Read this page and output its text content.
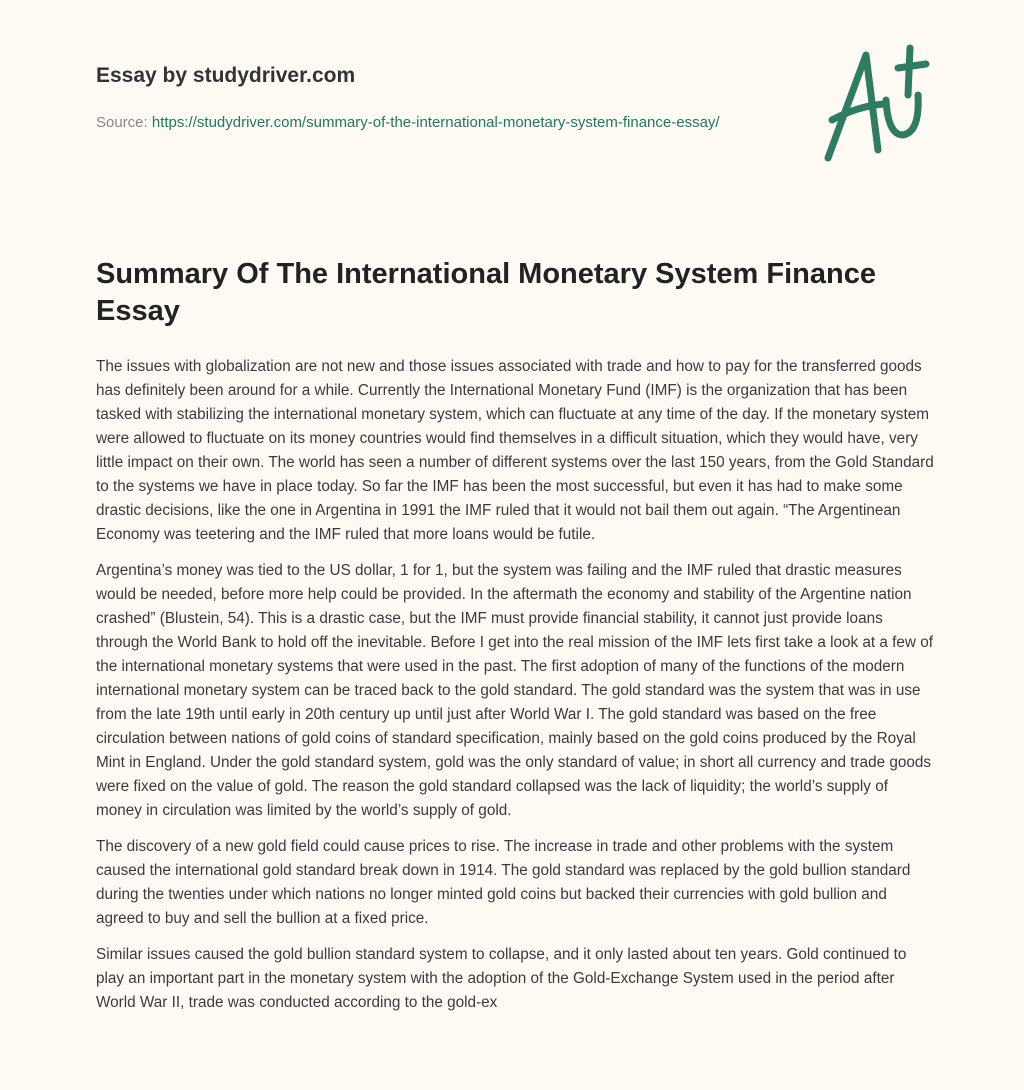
Essay by studydriver.com
Source: https://studydriver.com/summary-of-the-international-monetary-system-finance-essay/
Summary Of The International Monetary System Finance Essay

The issues with globalization are not new and those issues associated with trade and how to pay for the transferred goods has definitely been around for a while. Currently the International Monetary Fund (IMF) is the organization that has been tasked with stabilizing the international monetary system, which can fluctuate at any time of the day. If the monetary system were allowed to fluctuate on its money countries would find themselves in a difficult situation, which they would have, very little impact on their own. The world has seen a number of different systems over the last 150 years, from the Gold Standard to the systems we have in place today. So far the IMF has been the most successful, but even it has had to make some drastic decisions, like the one in Argentina in 1991 the IMF ruled that it would not bail them out again. “The Argentinean Economy was teetering and the IMF ruled that more loans would be futile.

Argentina’s money was tied to the US dollar, 1 for 1, but the system was failing and the IMF ruled that drastic measures would be needed, before more help could be provided. In the aftermath the economy and stability of the Argentine nation crashed” (Blustein, 54). This is a drastic case, but the IMF must provide financial stability, it cannot just provide loans through the World Bank to hold off the inevitable. Before I get into the real mission of the IMF lets first take a look at a few of the international monetary systems that were used in the past. The first adoption of many of the functions of the modern international monetary system can be traced back to the gold standard. The gold standard was the system that was in use from the late 19th until early in 20th century up until just after World War I. The gold standard was based on the free circulation between nations of gold coins of standard specification, mainly based on the gold coins produced by the Royal Mint in England. Under the gold standard system, gold was the only standard of value; in short all currency and trade goods were fixed on the value of gold. The reason the gold standard collapsed was the lack of liquidity; the world’s supply of money in circulation was limited by the world’s supply of gold.

The discovery of a new gold field could cause prices to rise. The increase in trade and other problems with the system caused the international gold standard break down in 1914. The gold standard was replaced by the gold bullion standard during the twenties under which nations no longer minted gold coins but backed their currencies with gold bullion and agreed to buy and sell the bullion at a fixed price.

Similar issues caused the gold bullion standard system to collapse, and it only lasted about ten years. Gold continued to play an important part in the monetary system with the adoption of the Gold-Exchange System used in the period after World War II, trade was conducted according to the gold-ex
